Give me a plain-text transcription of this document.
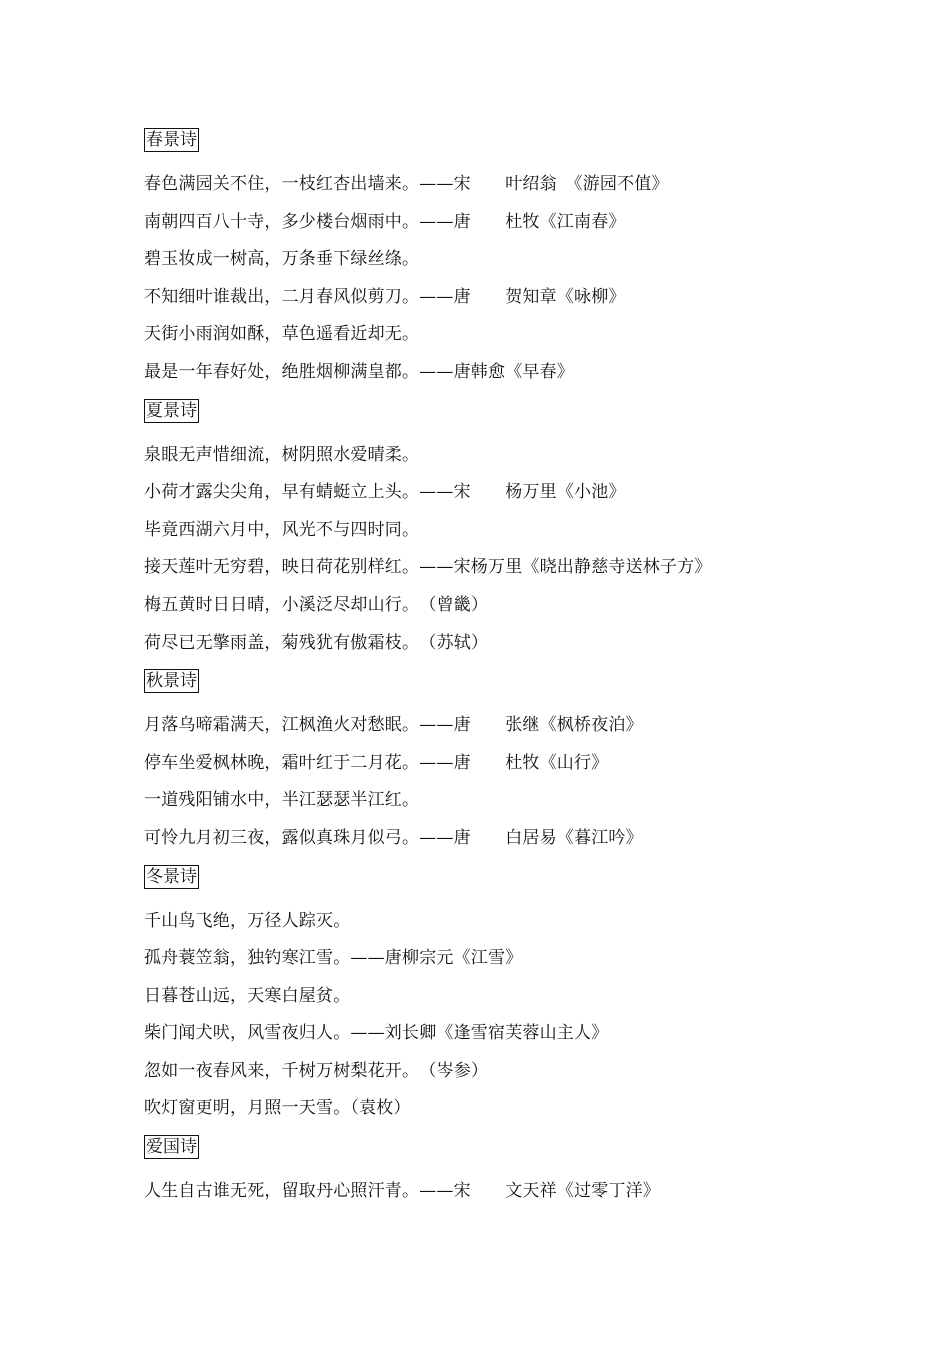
春景诗
春色满园关不住，一枝红杏出墙来。——宋　　叶绍翁　《游园不值》
南朝四百八十寺，多少楼台烟雨中。——唐　　杜牧《江南春》
碧玉妆成一树高，万条垂下绿丝绦。
不知细叶谁裁出，二月春风似剪刀。——唐　　贺知章《咏柳》
天街小雨润如酥，草色遥看近却无。
最是一年春好处，绝胜烟柳满皇都。——唐韩愈《早春》
夏景诗
泉眼无声惜细流，树阴照水爱晴柔。
小荷才露尖尖角，早有蜻蜓立上头。——宋　　杨万里《小池》
毕竟西湖六月中，风光不与四时同。
接天莲叶无穷碧，映日荷花别样红。——宋杨万里《晓出静慈寺送林子方》
梅五黄时日日晴，小溪泛尽却山行。　（曾畿）
荷尽已无擎雨盖，菊残犹有傲霜枝。　（苏轼）
秋景诗
月落乌啼霜满天，江枫渔火对愁眠。——唐　　张继《枫桥夜泊》
停车坐爱枫林晚，霜叶红于二月花。——唐　　杜牧《山行》
一道残阳铺水中，半江瑟瑟半江红。
可怜九月初三夜，露似真珠月似弓。——唐　　白居易《暮江吟》
冬景诗
千山鸟飞绝，万径人踪灭。
孤舟蓑笠翁，独钓寒江雪。——唐柳宗元《江雪》
日暮苍山远，天寒白屋贫。
柴门闻犬吠，风雪夜归人。——刘长卿《逢雪宿芙蓉山主人》
忽如一夜春风来，千树万树梨花开。　（岑参）
吹灯窗更明，月照一天雪。（袁枚）
爱国诗
人生自古谁无死，留取丹心照汗青。——宋　　文天祥《过零丁洋》
